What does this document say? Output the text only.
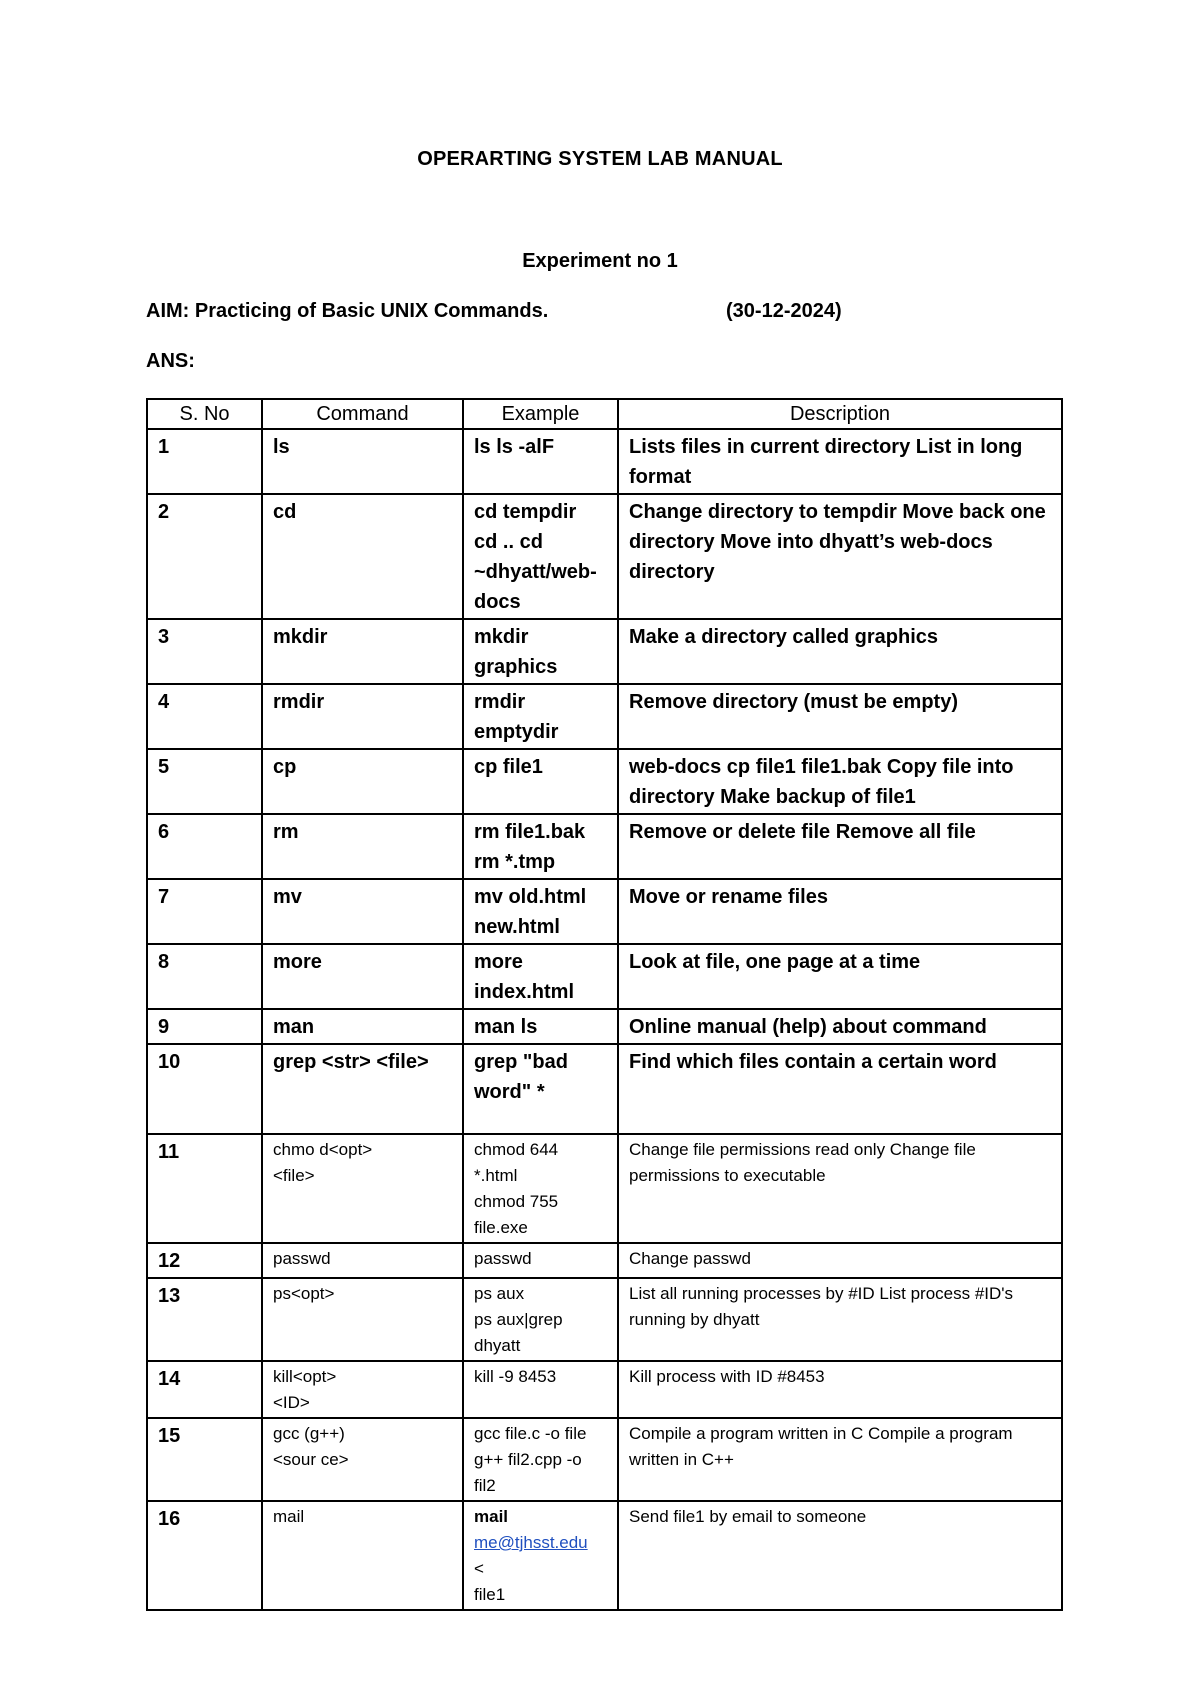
OPERARTING SYSTEM LAB MANUAL
Experiment no 1
AIM: Practicing of Basic UNIX Commands.	(30-12-2024)
ANS:
S. No	Command	Example	Description

1	ls	ls ls -alF	Lists files in current directory List in long format

2	cd	cd tempdir
cd .. cd
~dhyatt/web-
docs	Change directory to tempdir Move back one directory Move into dhyatt’s web-docs directory

3	mkdir	mkdir
graphics	Make a directory called graphics

4	rmdir	rmdir
emptydir	Remove directory (must be empty)

5	cp	cp file1	web-docs cp file1 file1.bak Copy file into directory Make backup of file1

6	rm	rm file1.bak
rm *.tmp	Remove or delete file Remove all file

7	mv	mv old.html
new.html	Move or rename files

8	more	more
index.html	Look at file, one page at a time

9	man	man ls	Online manual (help) about command

10	grep <str> <file>	grep "bad
word" *	Find which files contain a certain word

11	chmo d<opt>
<file>	chmod 644
*.html
chmod 755
file.exe	Change file permissions read only Change file permissions to executable

12	passwd	passwd	Change passwd

13	ps<opt>	ps aux
ps aux|grep
dhyatt	List all running processes by #ID List process #ID's running by dhyatt

14	kill<opt>
<ID>	kill -9 8453	Kill process with ID #8453

15	gcc (g++)
<sour ce>	gcc file.c -o file
g++ fil2.cpp -o
fil2	Compile a program written in C Compile a program written in C++

16	mail	mail
me@tjhsst.edu
<
file1	Send file1 by email to someone
